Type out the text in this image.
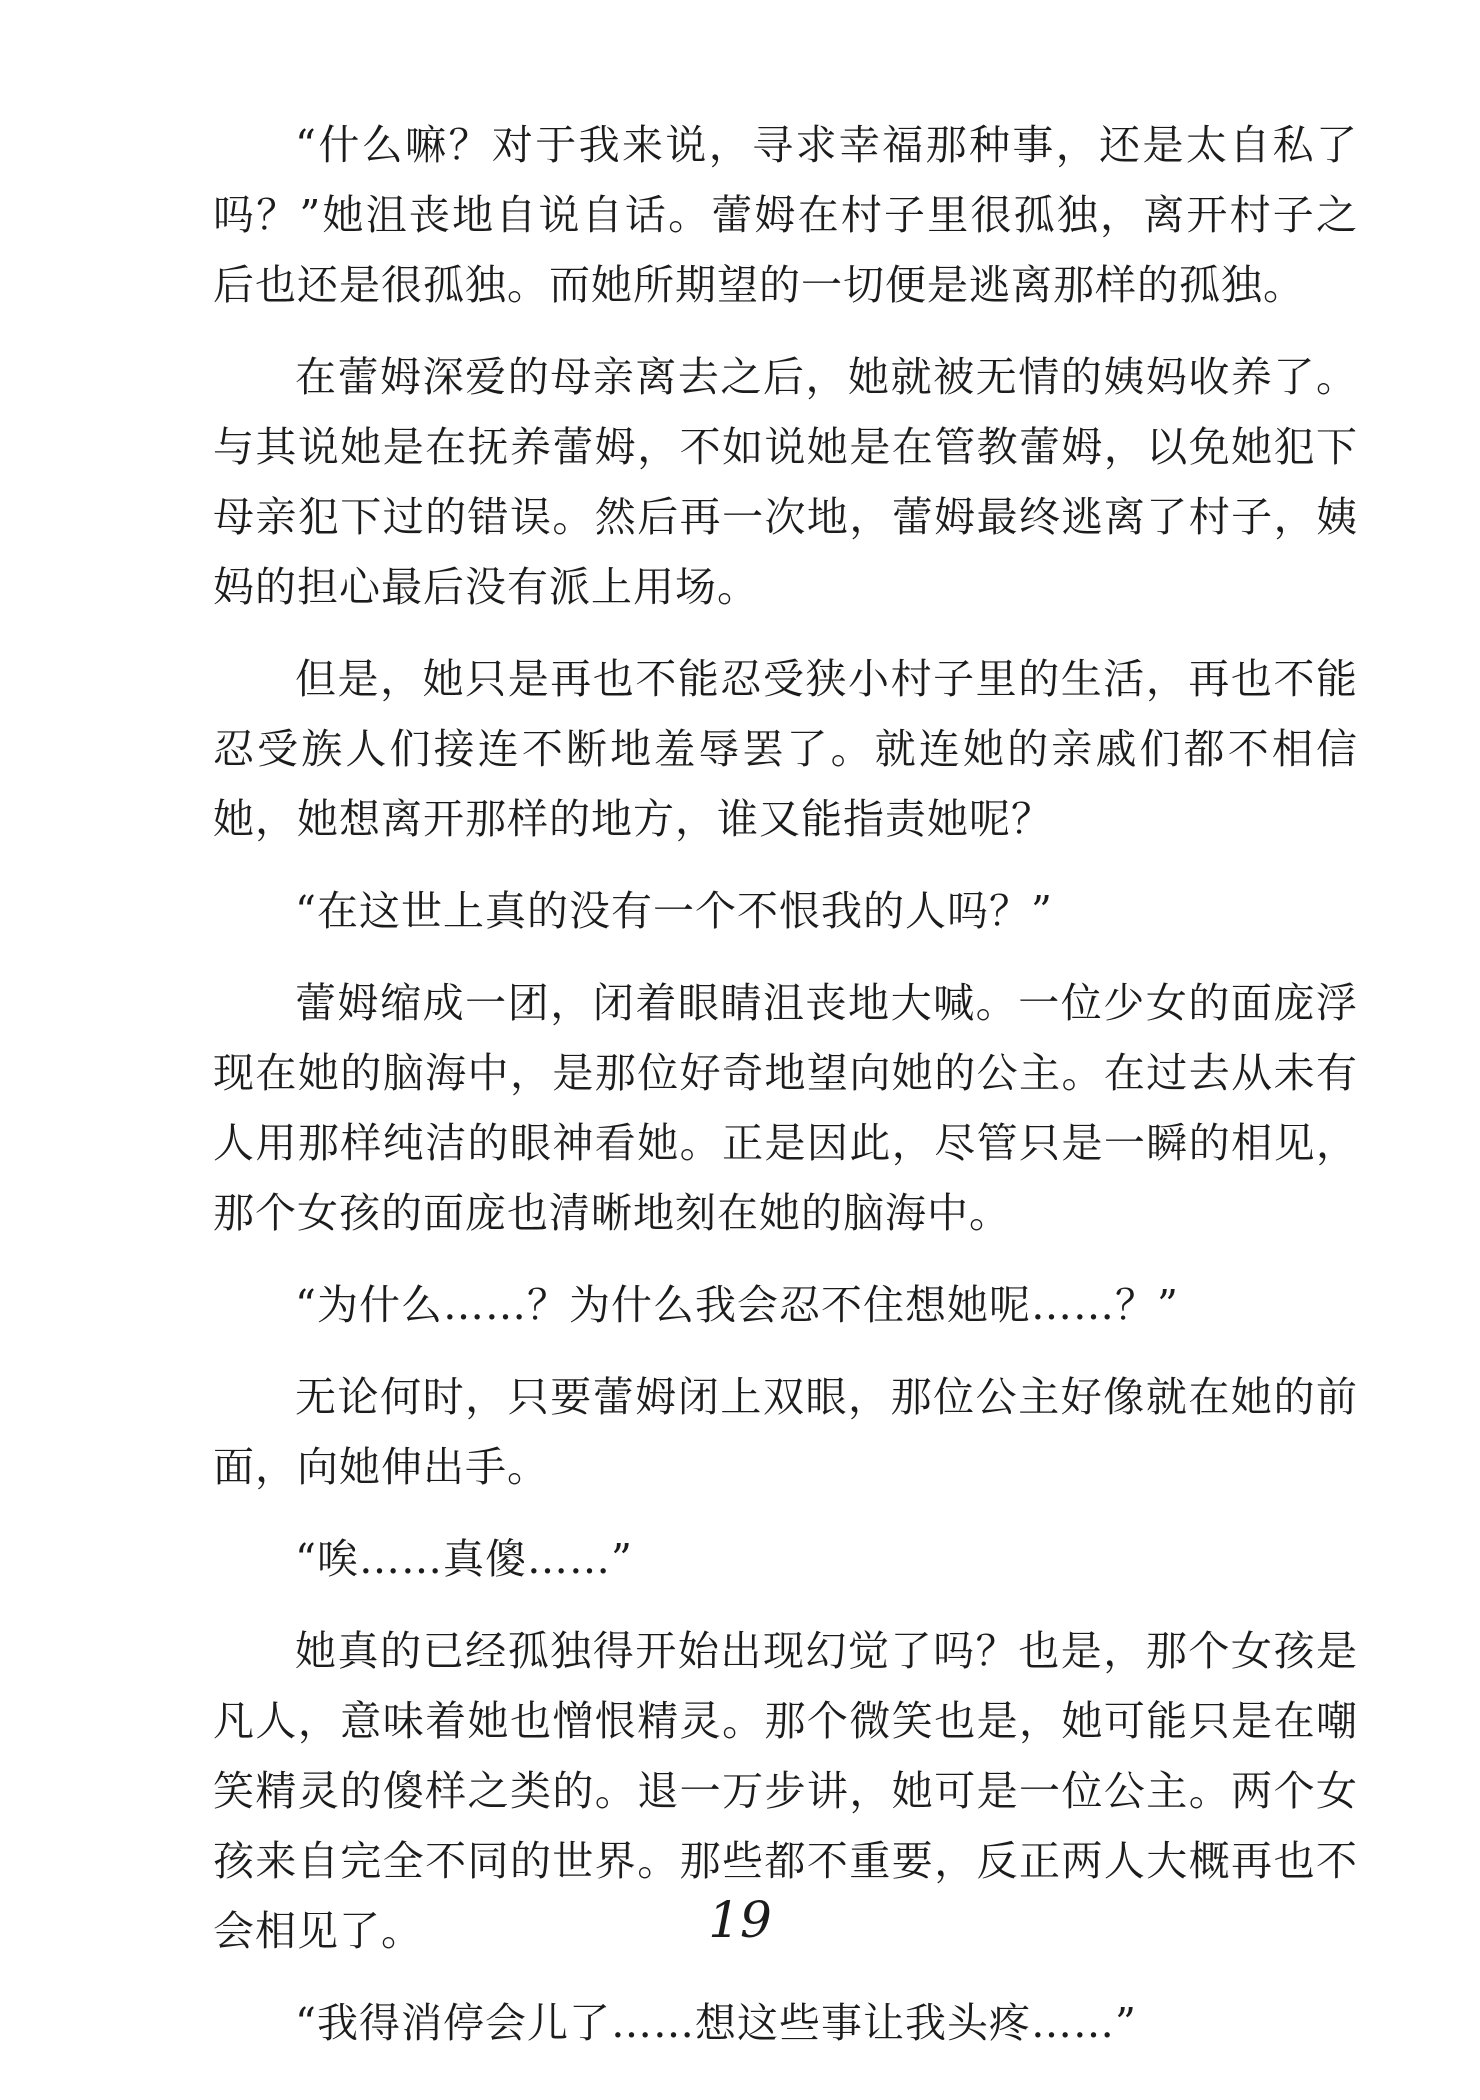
“什么嘛？对于我来说，寻求幸福那种事，还是太自私了吗？”她沮丧地自说自话。蕾姆在村子里很孤独，离开村子之后也还是很孤独。而她所期望的一切便是逃离那样的孤独。

在蕾姆深爱的母亲离去之后，她就被无情的姨妈收养了。与其说她是在抚养蕾姆，不如说她是在管教蕾姆，以免她犯下母亲犯下过的错误。然后再一次地，蕾姆最终逃离了村子，姨妈的担心最后没有派上用场。

但是，她只是再也不能忍受狭小村子里的生活，再也不能忍受族人们接连不断地羞辱罢了。就连她的亲戚们都不相信她，她想离开那样的地方，谁又能指责她呢？

“在这世上真的没有一个不恨我的人吗？”

蕾姆缩成一团，闭着眼睛沮丧地大喊。一位少女的面庞浮现在她的脑海中，是那位好奇地望向她的公主。在过去从未有人用那样纯洁的眼神看她。正是因此，尽管只是一瞬的相见，那个女孩的面庞也清晰地刻在她的脑海中。

“为什么……？为什么我会忍不住想她呢……？”

无论何时，只要蕾姆闭上双眼，那位公主好像就在她的前面，向她伸出手。

“唉……真傻……”

她真的已经孤独得开始出现幻觉了吗？也是，那个女孩是凡人，意味着她也憎恨精灵。那个微笑也是，她可能只是在嘲笑精灵的傻样之类的。退一万步讲，她可是一位公主。两个女孩来自完全不同的世界。那些都不重要，反正两人大概再也不会相见了。

“我得消停会儿了……想这些事让我头疼……”

19
